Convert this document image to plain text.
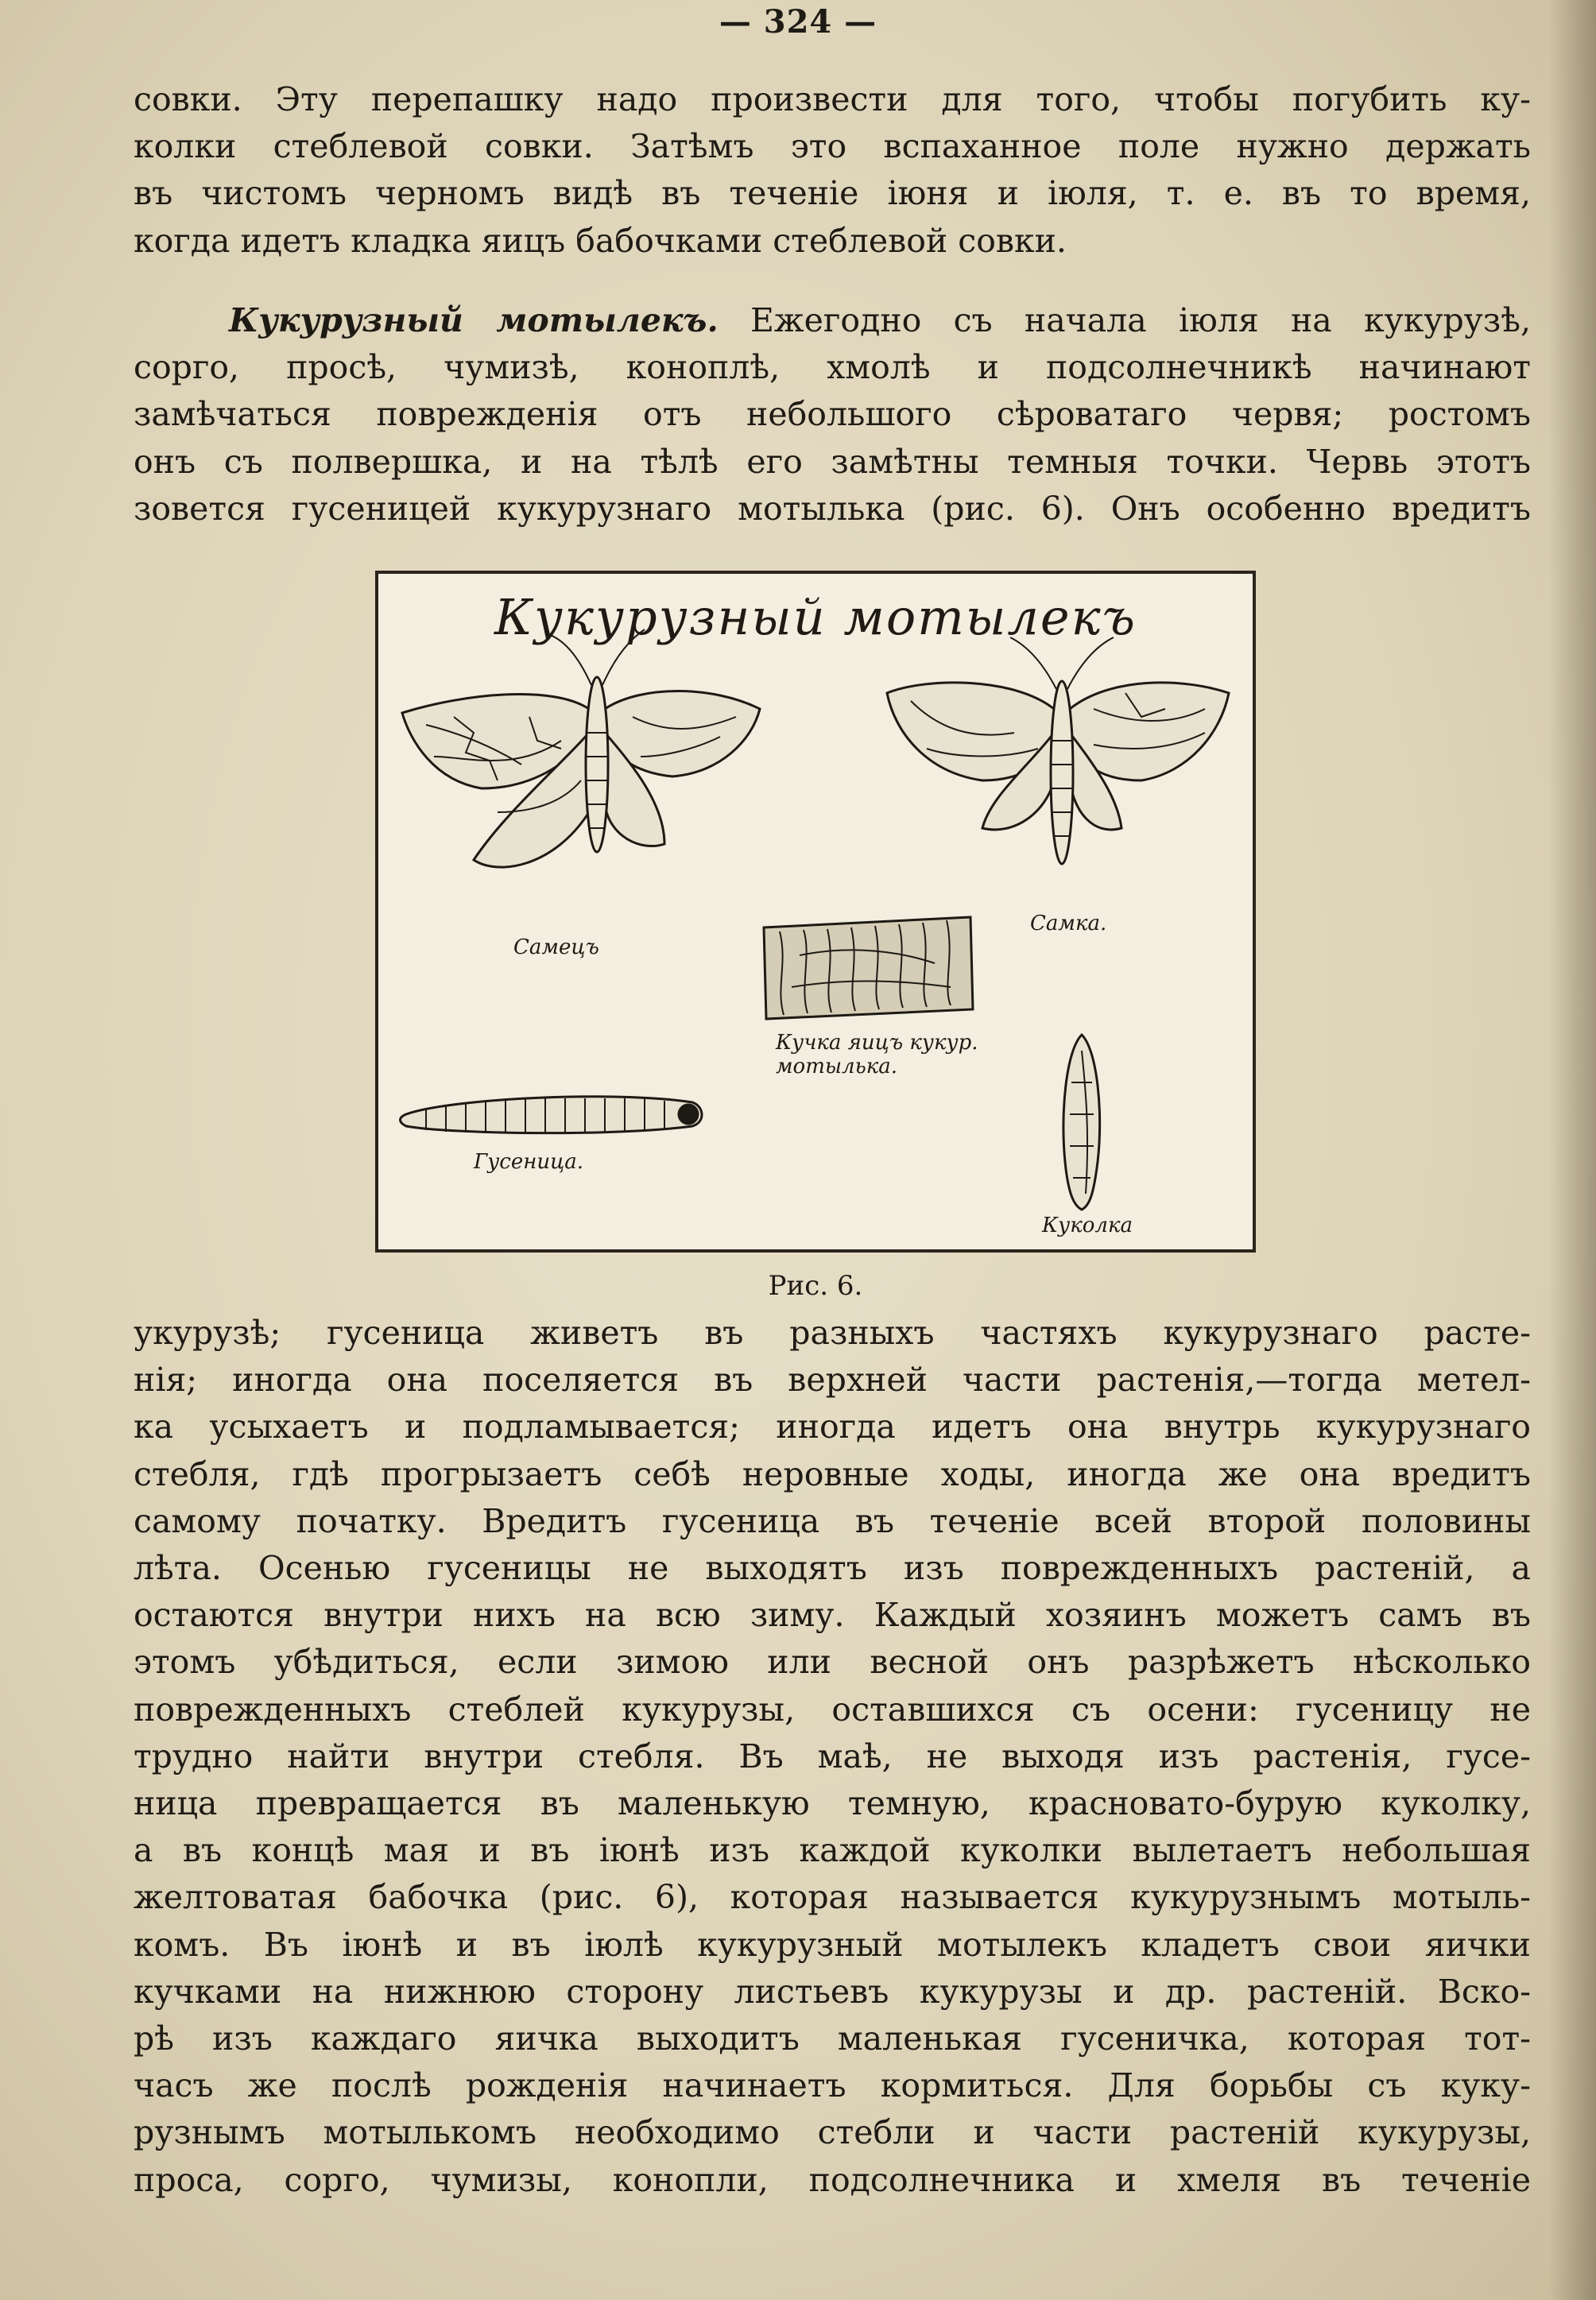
— 324 —
совки. Эту перепашку надо произвести для того, чтобы погубить ку-
колки стеблевой совки. Затѣмъ это вспаханное поле нужно держать
въ чистомъ черномъ видѣ въ теченіе іюня и іюля, т. е. въ то время,
когда идетъ кладка яицъ бабочками стеблевой совки.
Кукурузный мотылекъ. Ежегодно съ начала іюля на кукурузѣ,
сорго, просѣ, чумизѣ, коноплѣ, хмолѣ и подсолнечникѣ начинают
замѣчаться поврежденія отъ небольшого сѣроватаго червя; ростомъ
онъ съ полвершка, и на тѣлѣ его замѣтны темныя точки. Червь этотъ
зовется гусеницей кукурузнаго мотылька (рис. 6). Онъ особенно вредитъ
Кукурузный мотылекъ
Самецъ
Самка.
Кучка яицъ кукур. мотылька.
Гусеница.
Куколка
Рис. 6.
укурузѣ; гусеница живетъ въ разныхъ частяхъ кукурузнаго расте-
нія; иногда она поселяется въ верхней части растенія,—тогда метел-
ка усыхаетъ и подламывается; иногда идетъ она внутрь кукурузнаго
стебля, гдѣ прогрызаетъ себѣ неровные ходы, иногда же она вредитъ
самому початку. Вредитъ гусеница въ теченіе всей второй половины
лѣта. Осенью гусеницы не выходятъ изъ поврежденныхъ растеній, а
остаются внутри нихъ на всю зиму. Каждый хозяинъ можетъ самъ въ
этомъ убѣдиться, если зимою или весной онъ разрѣжетъ нѣсколько
поврежденныхъ стеблей кукурузы, оставшихся съ осени: гусеницу не
трудно найти внутри стебля. Въ маѣ, не выходя изъ растенія, гусе-
ница превращается въ маленькую темную, красновато-бурую куколку,
а въ концѣ мая и въ іюнѣ изъ каждой куколки вылетаетъ небольшая
желтоватая бабочка (рис. 6), которая называется кукурузнымъ мотыль-
комъ. Въ іюнѣ и въ іюлѣ кукурузный мотылекъ кладетъ свои яички
кучками на нижнюю сторону листьевъ кукурузы и др. растеній. Вско-
рѣ изъ каждаго яичка выходитъ маленькая гусеничка, которая тот-
часъ же послѣ рожденія начинаетъ кормиться. Для борьбы съ куку-
рузнымъ мотылькомъ необходимо стебли и части растеній кукурузы,
проса, сорго, чумизы, конопли, подсолнечника и хмеля въ теченіе
